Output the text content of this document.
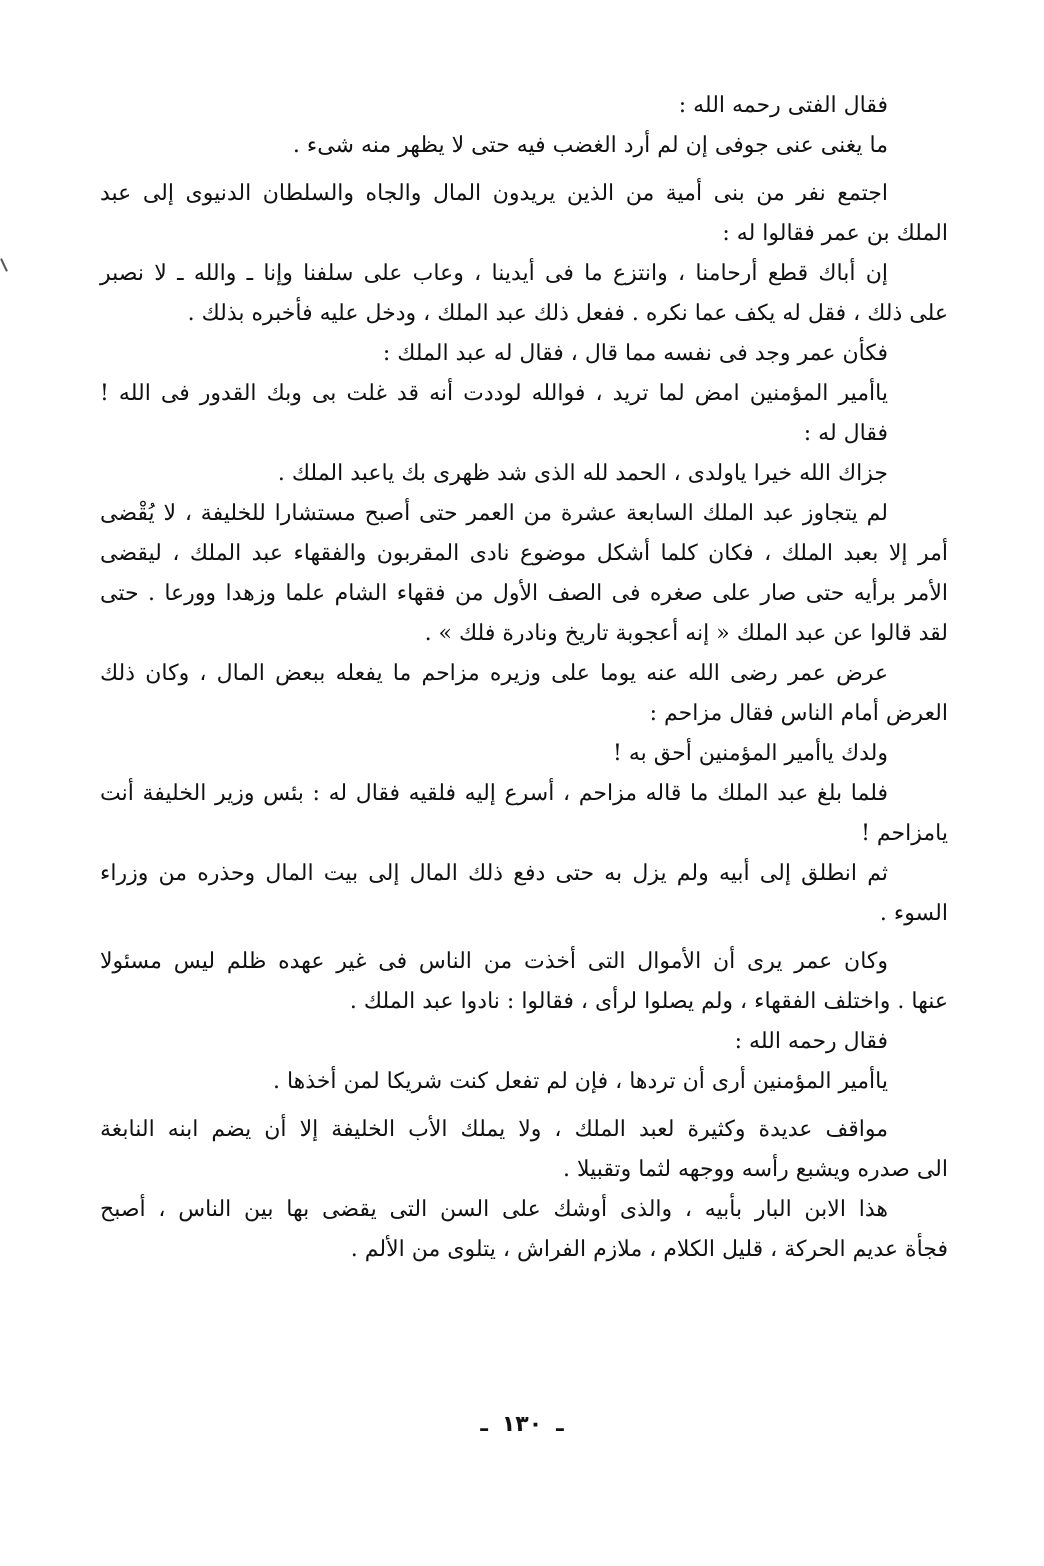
فقال الفتى رحمه الله :
ما يغنى عنى جوفى إن لم أرد الغضب فيه حتى لا يظهر منه شىء .
اجتمع نفر من بنى أمية من الذين يريدون المال والجاه والسلطان الدنيوى إلى عبد
الملك بن عمر فقالوا له :
إن أباك قطع أرحامنا ، وانتزع ما فى أيدينا ، وعاب على سلفنا وإنا ـ والله ـ لا نصبر
على ذلك ، فقل له يكف عما نكره . ففعل ذلك عبد الملك ، ودخل عليه فأخبره بذلك .
فكأن عمر وجد فى نفسه مما قال ، فقال له عبد الملك :
ياأمير المؤمنين امض لما تريد ، فوالله لوددت أنه قد غلت بى وبك القدور فى الله !
فقال له :
جزاك الله خيرا ياولدى ، الحمد لله الذى شد ظهرى بك ياعبد الملك .
لم يتجاوز عبد الملك السابعة عشرة من العمر حتى أصبح مستشارا للخليفة ، لا يُقْضى
أمر إلا بعبد الملك ، فكان كلما أشكل موضوع نادى المقربون والفقهاء عبد الملك ، ليقضى
الأمر برأيه حتى صار على صغره فى الصف الأول من فقهاء الشام علما وزهدا وورعا . حتى
لقد قالوا عن عبد الملك « إنه أعجوبة تاريخ ونادرة فلك » .
عرض عمر رضى الله عنه يوما على وزيره مزاحم ما يفعله ببعض المال ، وكان ذلك
العرض أمام الناس فقال مزاحم :
ولدك ياأمير المؤمنين أحق به !
فلما بلغ عبد الملك ما قاله مزاحم ، أسرع إليه فلقيه فقال له : بئس وزير الخليفة أنت
يامزاحم !
ثم انطلق إلى أبيه ولم يزل به حتى دفع ذلك المال إلى بيت المال وحذره من وزراء
السوء .
وكان عمر يرى أن الأموال التى أخذت من الناس فى غير عهده ظلم ليس مسئولا
عنها . واختلف الفقهاء ، ولم يصلوا لرأى ، فقالوا : نادوا عبد الملك .
فقال رحمه الله :
ياأمير المؤمنين أرى أن تردها ، فإن لم تفعل كنت شريكا لمن أخذها .
مواقف عديدة وكثيرة لعبد الملك ، ولا يملك الأب الخليفة إلا أن يضم ابنه النابغة
الى صدره ويشبع رأسه ووجهه لثما وتقبيلا .
هذا الابن البار بأبيه ، والذى أوشك على السن التى يقضى بها بين الناس ، أصبح
فجأة عديم الحركة ، قليل الكلام ، ملازم الفراش ، يتلوى من الألم .
ـ١٣٠ـ
